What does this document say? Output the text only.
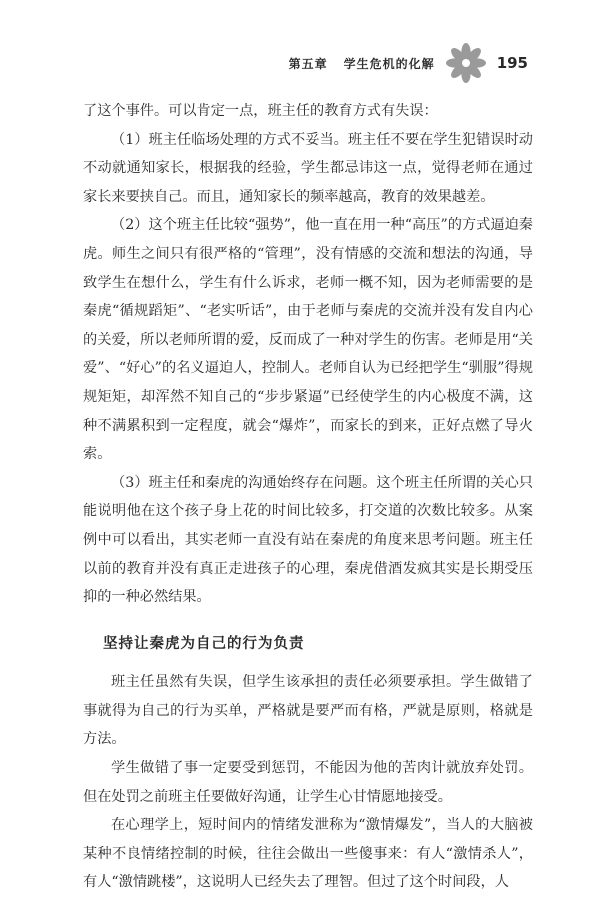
第五章 学生危机的化解	195

了这个事件。可以肯定一点，班主任的教育方式有失误：

（1）班主任临场处理的方式不妥当。班主任不要在学生犯错误时动不动就通知家长，根据我的经验，学生都忌讳这一点，觉得老师在通过家长来要挟自己。而且，通知家长的频率越高，教育的效果越差。

（2）这个班主任比较“强势”，他一直在用一种“高压”的方式逼迫秦虎。师生之间只有很严格的“管理”，没有情感的交流和想法的沟通，导致学生在想什么，学生有什么诉求，老师一概不知，因为老师需要的是秦虎“循规蹈矩”、“老实听话”，由于老师与秦虎的交流并没有发自内心的关爱，所以老师所谓的爱，反而成了一种对学生的伤害。老师是用“关爱”、“好心”的名义逼迫人，控制人。老师自认为已经把学生“驯服”得规规矩矩，却浑然不知自己的“步步紧逼”已经使学生的内心极度不满，这种不满累积到一定程度，就会“爆炸”，而家长的到来，正好点燃了导火索。

（3）班主任和秦虎的沟通始终存在问题。这个班主任所谓的关心只能说明他在这个孩子身上花的时间比较多，打交道的次数比较多。从案例中可以看出，其实老师一直没有站在秦虎的角度来思考问题。班主任以前的教育并没有真正走进孩子的心理，秦虎借酒发疯其实是长期受压抑的一种必然结果。

坚持让秦虎为自己的行为负责

班主任虽然有失误，但学生该承担的责任必须要承担。学生做错了事就得为自己的行为买单，严格就是要严而有格，严就是原则，格就是方法。

学生做错了事一定要受到惩罚，不能因为他的苦肉计就放弃处罚。但在处罚之前班主任要做好沟通，让学生心甘情愿地接受。

在心理学上，短时间内的情绪发泄称为“激情爆发”，当人的大脑被某种不良情绪控制的时候，往往会做出一些傻事来：有人“激情杀人”，有人“激情跳楼”，这说明人已经失去了理智。但过了这个时间段，人
